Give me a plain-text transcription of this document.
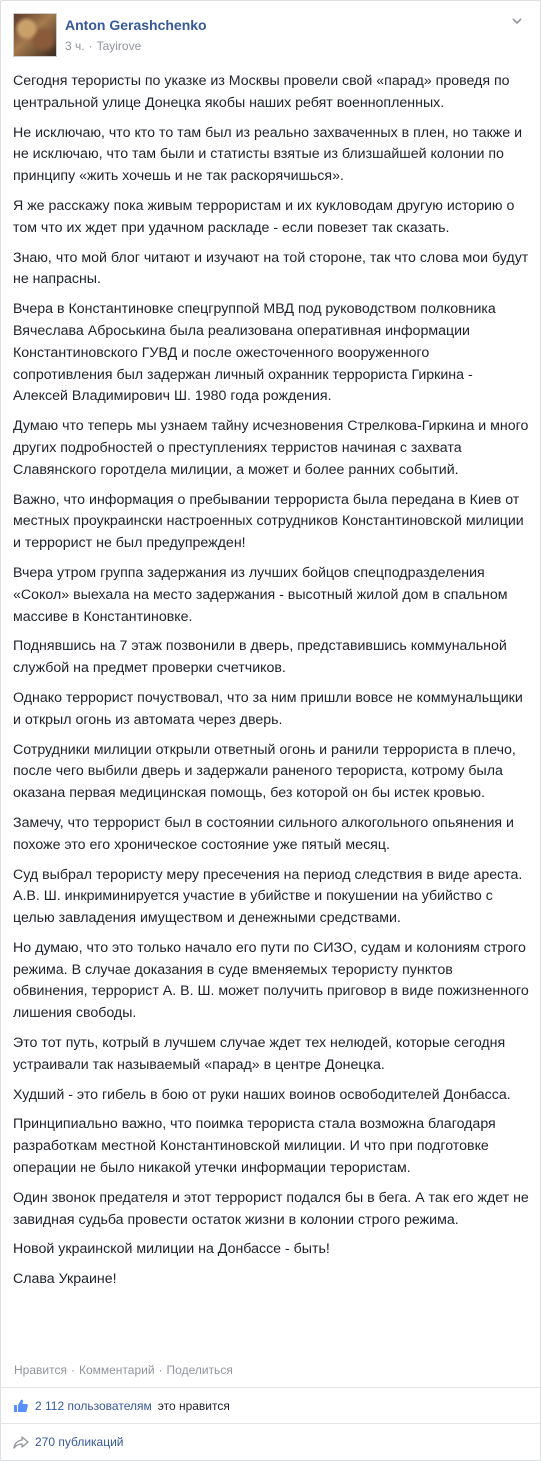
Anton Gerashchenko
3 ч. · Tayirove

Сегодня терористы по указке из Москвы провели свой «парад» проведя по центральной улице Донецка якобы наших ребят военнопленных.

Не исключаю, что кто то там был из реально захваченных в плен, но также и не исключаю, что там были и статисты взятые из близшайшей колонии по принципу «жить хочешь и не так раскорячишься».

Я же расскажу пока живым террористам и их кукловодам другую историю о том что их ждет при удачном раскладе - если повезет так сказать.

Знаю, что мой блог читают и изучают на той стороне, так что слова мои будут не напрасны.

Вчера в Константиновке спецгруппой МВД под руководством полковника Вячеслава Аброськина была реализована оперативная информации Константиновского ГУВД и после ожесточенного вооруженного сопротивления был задержан личный охранник террориста Гиркина - Алексей Владимирович Ш. 1980 года рождения.

Думаю что теперь мы узнаем тайну исчезновения Стрелкова-Гиркина и много других подробностей о преступлениях терристов начиная с захвата Славянского горотдела милиции, а может и более ранних событий.

Важно, что информация о пребывании террориста была передана в Киев от местных проукраински настроенных сотрудников Константиновской милиции и террорист не был предупрежден!

Вчера утром группа задержания из лучших бойцов спецподразделения «Сокол» выехала на место задержания - высотный жилой дом в спальном массиве в Константиновке.

Поднявшись на 7 этаж позвонили в дверь, представившись коммунальной службой на предмет проверки счетчиков.

Однако террорист почуствовал, что за ним пришли вовсе не коммунальщики и открыл огонь из автомата через дверь.

Сотрудники милиции открыли ответный огонь и ранили террориста в плечо, после чего выбили дверь и задержали раненого терориста, котрому была оказана первая медицинская помощь, без которой он бы истек кровью.

Замечу, что террорист был в состоянии сильного алкогольного опьянения и похоже это его хроническое состояние уже пятый месяц.

Суд выбрал терористу меру пресечения на период следствия в виде ареста. А.В. Ш. инкриминируется участие в убийстве и покушении на убийство с целью завладения имуществом и денежными средствами.

Но думаю, что это только начало его пути по СИЗО, судам и колониям строго режима. В случае доказания в суде вменяемых терористу пунктов обвинения, террорист А. В. Ш. может получить приговор в виде пожизненного лишения свободы.

Это тот путь, котрый в лучшем случае ждет тех нелюдей, которые сегодня устраивали так называемый «парад» в центре Донецка.

Худший - это гибель в бою от руки наших воинов освободителей Донбасса.

Принципиально важно, что поимка терориста стала возможна благодаря разработкам местной Константиновской милиции. И что при подготовке операции не было никакой утечки информации терористам.

Один звонок предателя и этот террорист подался бы в бега. А так его ждет не завидная судьба провести остаток жизни в колонии строго режима.

Новой украинской милиции на Донбассе - быть!

Слава Украине!

Нравится · Комментарий · Поделиться
2 112 пользователям это нравится
270 публикаций
